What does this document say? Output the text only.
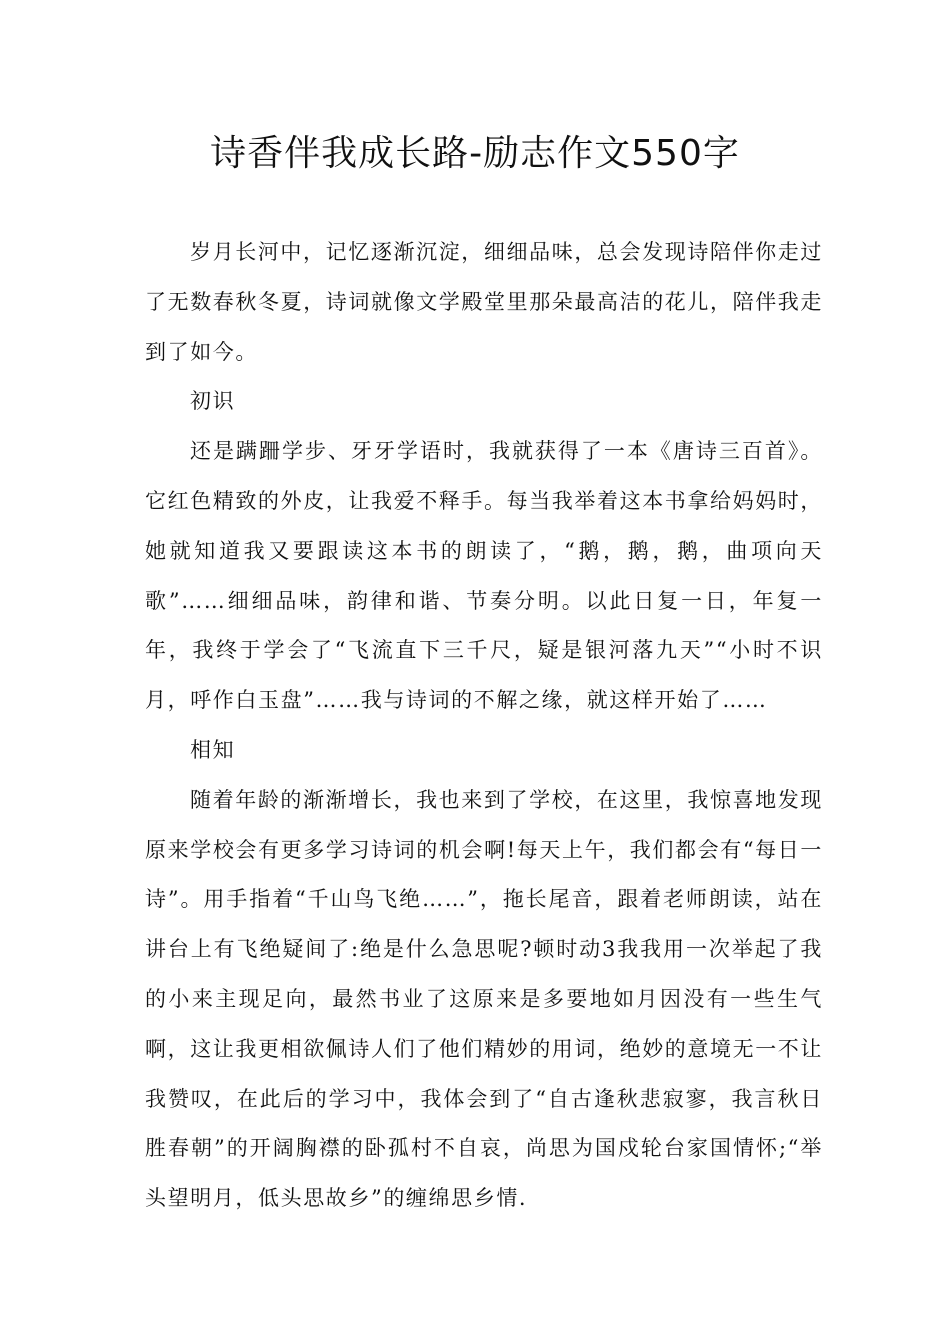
诗香伴我成长路-励志作文550字

岁月长河中，记忆逐渐沉淀，细细品味，总会发现诗陪伴你走过了无数春秋冬夏，诗词就像文学殿堂里那朵最高洁的花儿，陪伴我走到了如今。

初识

还是蹒跚学步、牙牙学语时，我就获得了一本《唐诗三百首》。它红色精致的外皮，让我爱不释手。每当我举着这本书拿给妈妈时，她就知道我又要跟读这本书的朗读了，“鹅，鹅，鹅，曲项向天歌”……细细品味，韵律和谐、节奏分明。以此日复一日，年复一年，我终于学会了“飞流直下三千尺，疑是银河落九天”“小时不识月，呼作白玉盘”……我与诗词的不解之缘，就这样开始了……

相知

随着年龄的渐渐增长，我也来到了学校，在这里，我惊喜地发现原来学校会有更多学习诗词的机会啊!每天上午，我们都会有“每日一诗”。用手指着“千山鸟飞绝……”，拖长尾音，跟着老师朗读，站在讲台上有飞绝疑间了:绝是什么急思呢?顿时动3我我用一次举起了我的小来主现足向，最然书业了这原来是多要地如月因没有一些生气啊，这让我更相欲佩诗人们了他们精妙的用词，绝妙的意境无一不让我赞叹，在此后的学习中，我体会到了“自古逢秋悲寂寥，我言秋日胜春朝”的开阔胸襟的卧孤村不自哀，尚思为国戍轮台家国情怀;“举头望明月，低头思故乡”的缠绵思乡情.
